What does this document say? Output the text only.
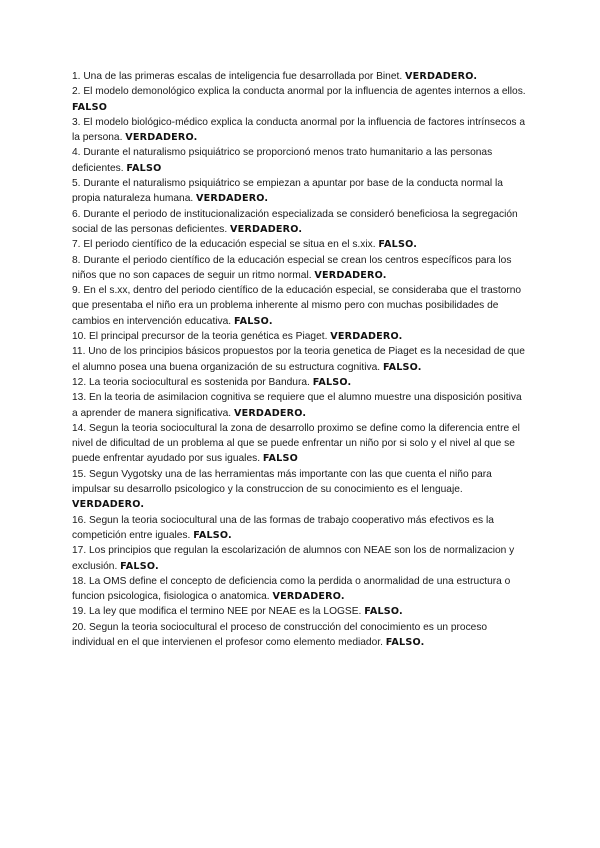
1. Una de las primeras escalas de inteligencia fue desarrollada por Binet. VERDADERO.

2. El modelo demonológico explica la conducta anormal por la influencia de agentes internos a ellos. FALSO

3. El modelo biológico-médico explica la conducta anormal por la influencia de factores intrínsecos a la persona. VERDADERO.

4. Durante el naturalismo psiquiátrico se proporcionó menos trato humanitario a las personas deficientes. FALSO

5. Durante el naturalismo psiquiátrico se empiezan a apuntar por base de la conducta normal la propia naturaleza humana. VERDADERO.

6. Durante el periodo de institucionalización especializada se consideró beneficiosa la segregación social de las personas deficientes. VERDADERO.

7. El periodo científico de la educación especial se situa en el s.xix. FALSO.

8. Durante el periodo científico de la educación especial se crean los centros específicos para los niños que no son capaces de seguir un ritmo normal. VERDADERO.

9. En el s.xx, dentro del periodo científico de la educación especial, se consideraba que el trastorno que presentaba el niño era un problema inherente al mismo pero con muchas posibilidades de cambios en intervención educativa. FALSO.

10. El principal precursor de la teoria genética es Piaget. VERDADERO.

11. Uno de los principios básicos propuestos por la teoria genetica de Piaget es la necesidad de que el alumno posea una buena organización de su estructura cognitiva. FALSO.

12. La teoria sociocultural es sostenida por Bandura. FALSO.

13. En la teoria de asimilacion cognitiva se requiere que el alumno muestre una disposición positiva a aprender de manera significativa. VERDADERO.

14. Segun la teoria sociocultural la zona de desarrollo proximo se define como la diferencia entre el nivel de dificultad de un problema al que se puede enfrentar un niño por si solo y el nivel al que se puede enfrentar ayudado por sus iguales. FALSO

15. Segun Vygotsky una de las herramientas más importante con las que cuenta el niño para impulsar su desarrollo psicologico y la construccion de su conocimiento es el lenguaje. VERDADERO.

16. Segun la teoria sociocultural una de las formas de trabajo cooperativo más efectivos es la competición entre iguales. FALSO.

17. Los principios que regulan la escolarización de alumnos con NEAE son los de normalizacion y exclusión. FALSO.

18. La OMS define el concepto de deficiencia como la perdida o anormalidad de una estructura o funcion psicologica, fisiologica o anatomica. VERDADERO.

19. La ley que modifica el termino NEE por NEAE es la LOGSE. FALSO.

20. Segun la teoria sociocultural el proceso de construcción del conocimiento es un proceso individual en el que intervienen el profesor como elemento mediador. FALSO.
